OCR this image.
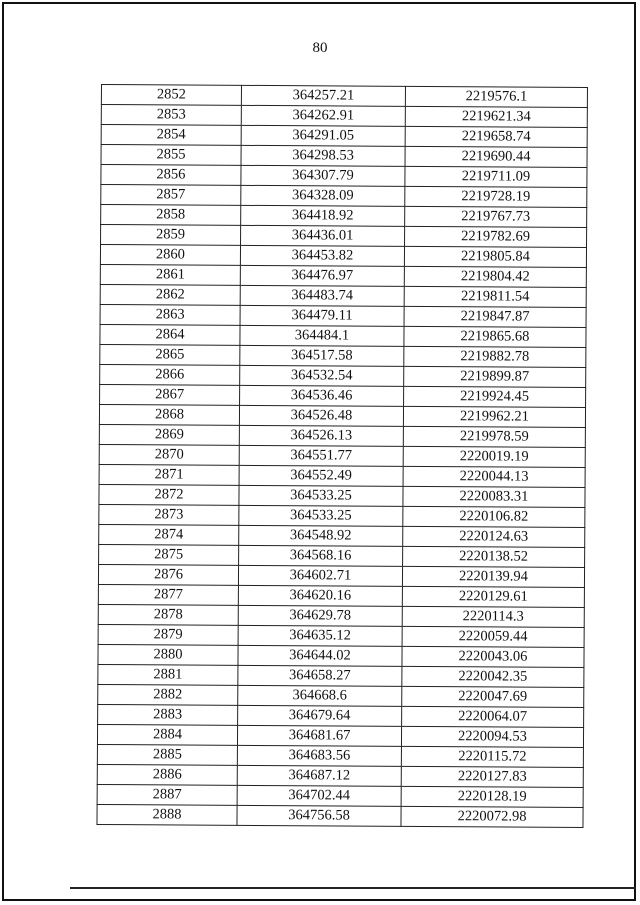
80
2852	364257.21	2219576.1
2853	364262.91	2219621.34
2854	364291.05	2219658.74
2855	364298.53	2219690.44
2856	364307.79	2219711.09
2857	364328.09	2219728.19
2858	364418.92	2219767.73
2859	364436.01	2219782.69
2860	364453.82	2219805.84
2861	364476.97	2219804.42
2862	364483.74	2219811.54
2863	364479.11	2219847.87
2864	364484.1	2219865.68
2865	364517.58	2219882.78
2866	364532.54	2219899.87
2867	364536.46	2219924.45
2868	364526.48	2219962.21
2869	364526.13	2219978.59
2870	364551.77	2220019.19
2871	364552.49	2220044.13
2872	364533.25	2220083.31
2873	364533.25	2220106.82
2874	364548.92	2220124.63
2875	364568.16	2220138.52
2876	364602.71	2220139.94
2877	364620.16	2220129.61
2878	364629.78	2220114.3
2879	364635.12	2220059.44
2880	364644.02	2220043.06
2881	364658.27	2220042.35
2882	364668.6	2220047.69
2883	364679.64	2220064.07
2884	364681.67	2220094.53
2885	364683.56	2220115.72
2886	364687.12	2220127.83
2887	364702.44	2220128.19
2888	364756.58	2220072.98
